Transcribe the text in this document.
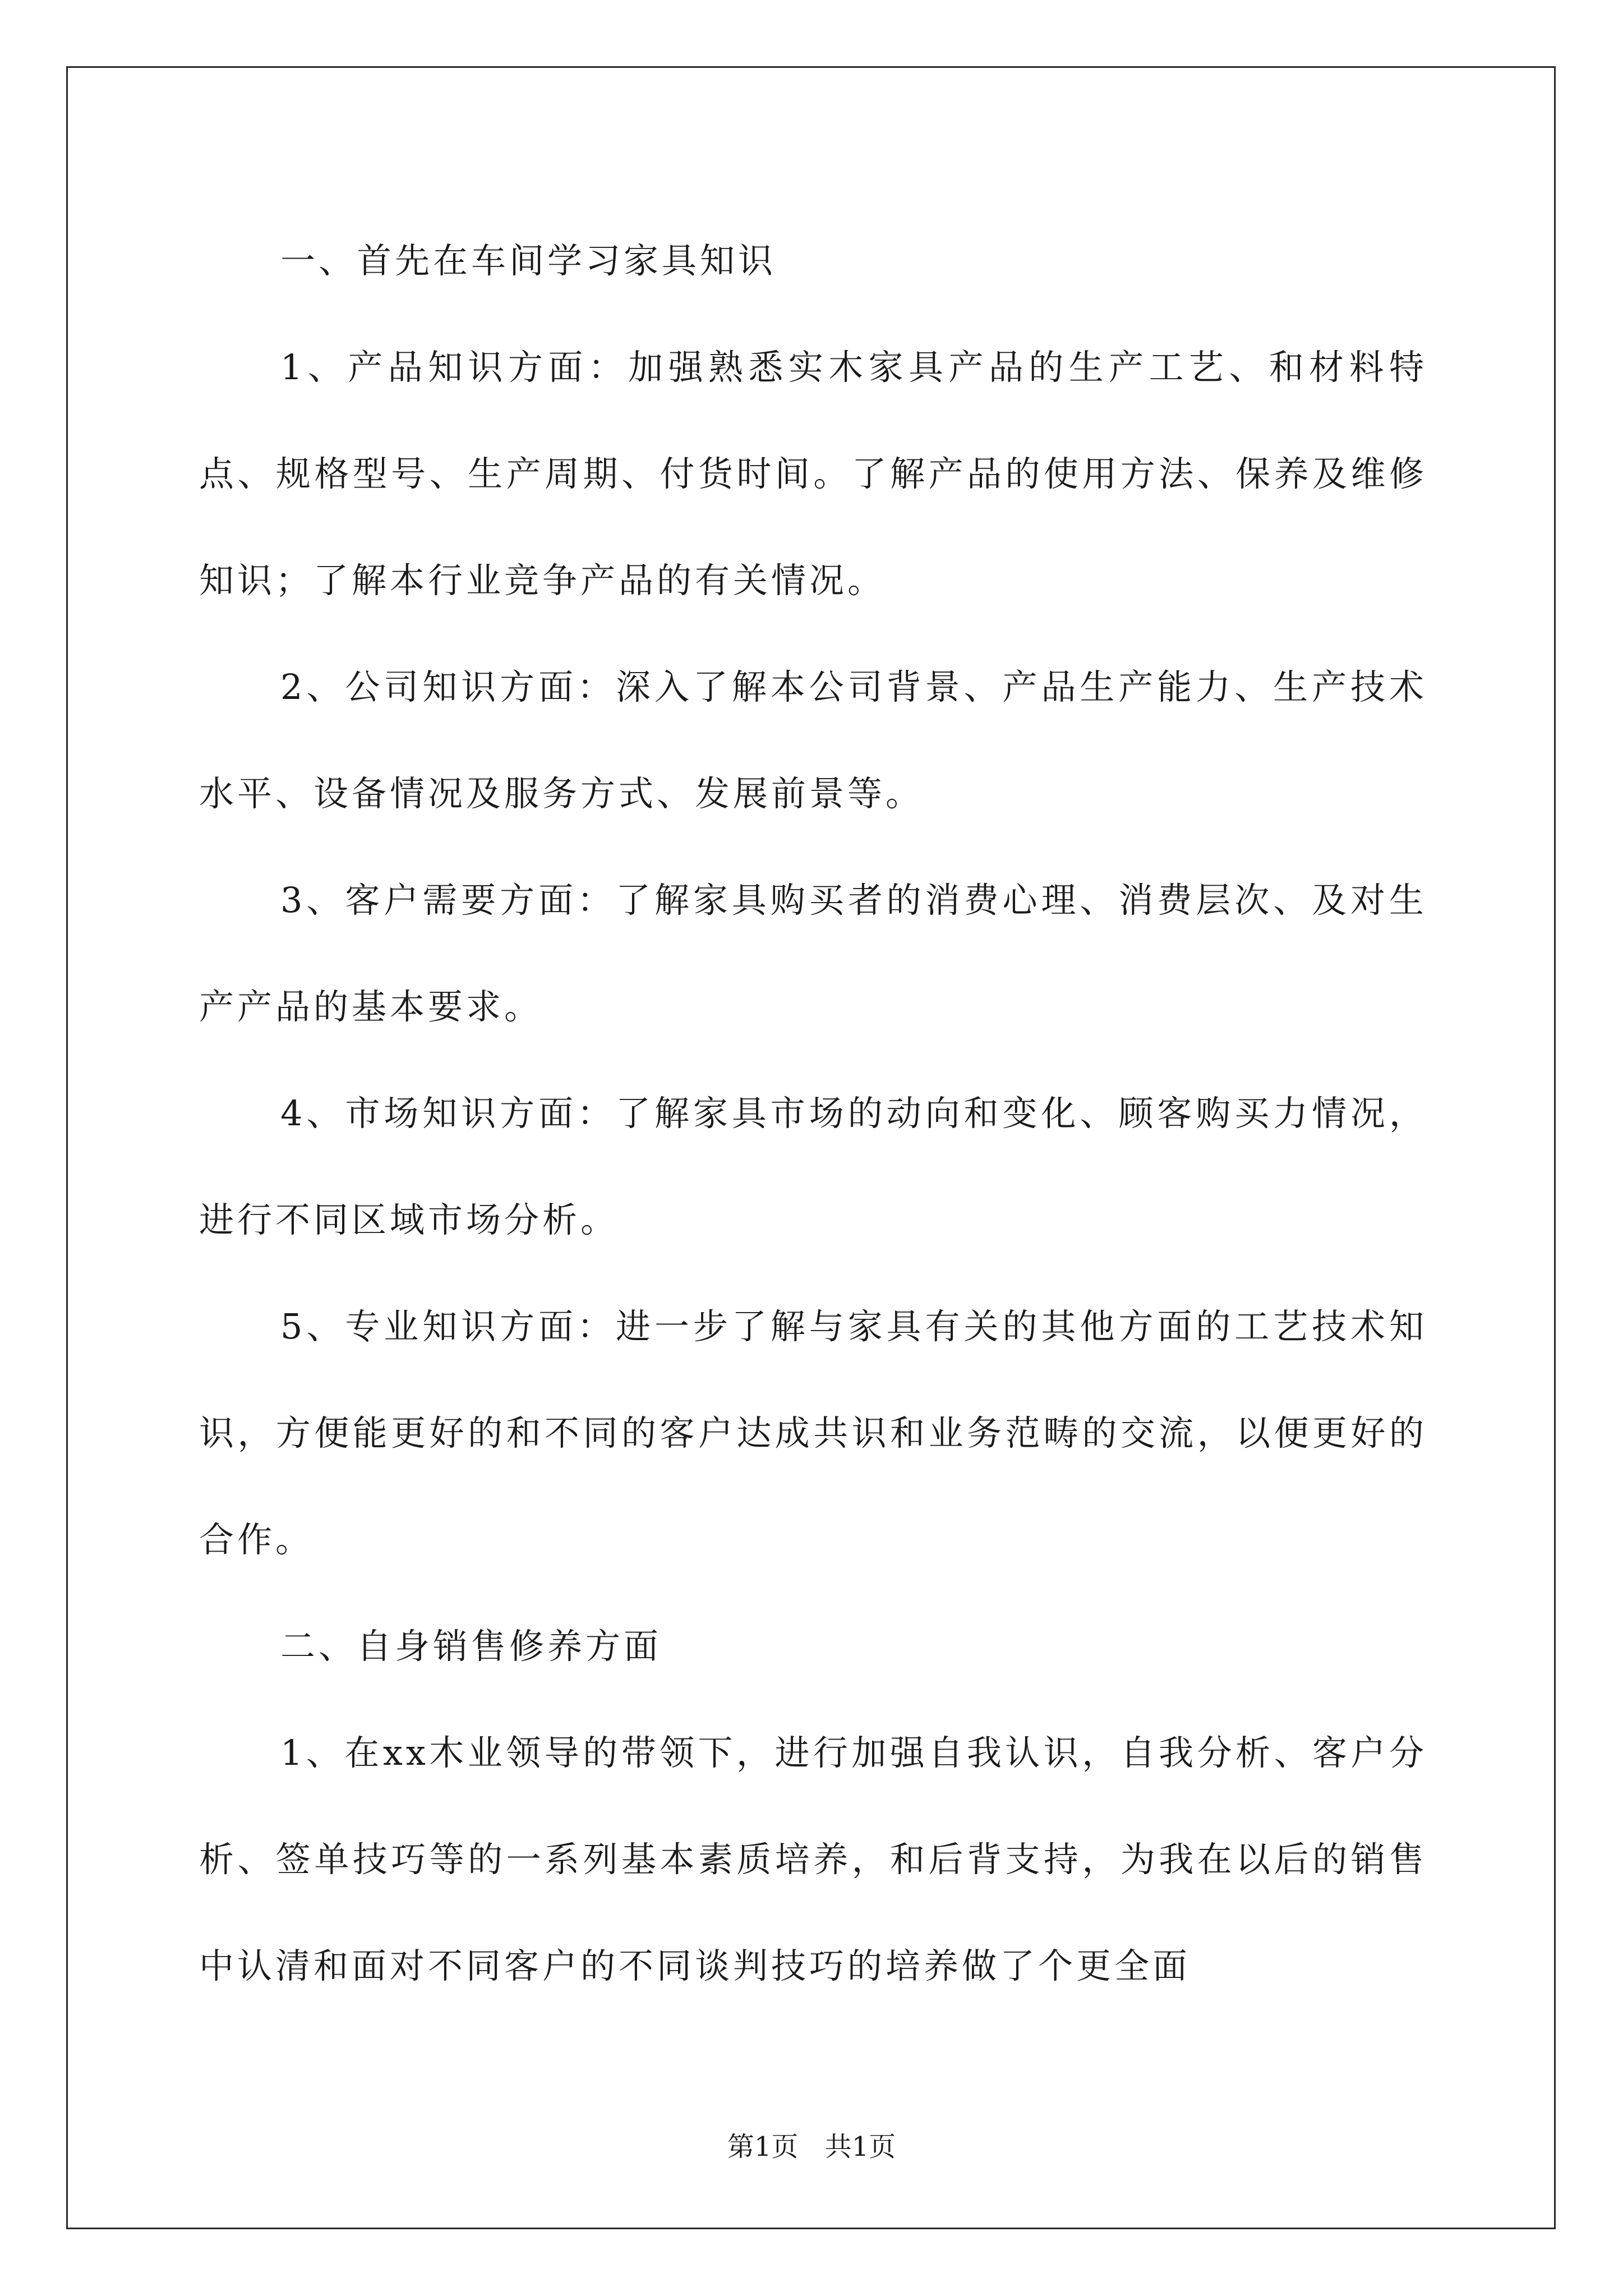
一、首先在车间学习家具知识

1、产品知识方面：加强熟悉实木家具产品的生产工艺、和材料特点、规格型号、生产周期、付货时间。了解产品的使用方法、保养及维修知识；了解本行业竞争产品的有关情况。

2、公司知识方面：深入了解本公司背景、产品生产能力、生产技术水平、设备情况及服务方式、发展前景等。

3、客户需要方面：了解家具购买者的消费心理、消费层次、及对生产产品的基本要求。

4、市场知识方面：了解家具市场的动向和变化、顾客购买力情况，进行不同区域市场分析。

5、专业知识方面：进一步了解与家具有关的其他方面的工艺技术知识，方便能更好的和不同的客户达成共识和业务范畴的交流，以便更好的合作。

二、自身销售修养方面

1、在xx木业领导的带领下，进行加强自我认识，自我分析、客户分析、签单技巧等的一系列基本素质培养，和后背支持，为我在以后的销售中认清和面对不同客户的不同谈判技巧的培养做了个更全面

第1页 共1页
